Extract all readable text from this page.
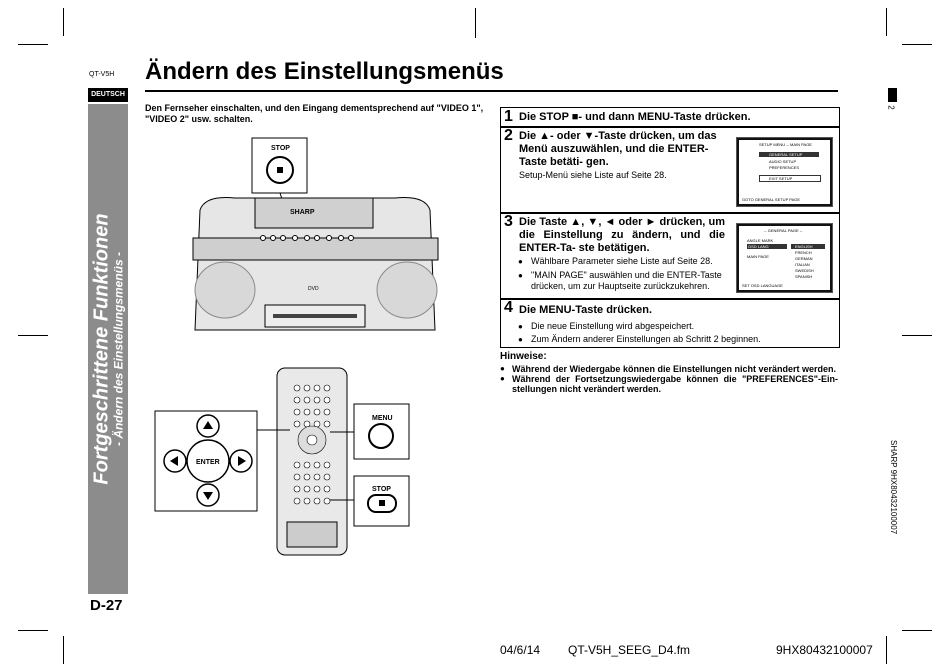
QT-V5H Ändern des Einstellungsmenüs
2
DEUTSCH
Fortgeschrittene Funktionen - Ändern des Einstellungsmenüs -
D-27
Den Fernseher einschalten, und den Eingang dementsprechend auf "VIDEO 1", "VIDEO 2" usw. schalten.
SHARP
DVD
ENTER
MENU
STOP
STOP
1 Die STOP ■- und dann MENU-Taste drücken.
2 Die ▲- oder ▼-Taste drücken, um das Menü auszuwählen, und die ENTER-Taste betäti- gen.
Setup-Menü siehe Liste auf Seite 28.
SETUP MENU -- MAIN PAGE
GENERAL SETUP
AUDIO SETUP
PREFERENCES
EXIT SETUP
GOTO GENERAL SETUP PAGE
3 Die Taste ▲, ▼, ◄ oder ► drücken, um die Einstellung zu ändern, und die ENTER-Ta- ste betätigen.
● Wählbare Parameter siehe Liste auf Seite 28.
● "MAIN PAGE" auswählen und die ENTER-Taste drücken, um zur Hauptseite zurückzukehren.
-- GENERAL PAGE --
ANGLE MARK
OSD LANG
MAIN PAGE
ENGLISH
FRENCH
GERMAN
ITALIAN
SWEDISH
SPANISH
SET OSD LANGUAGE
4 Die MENU-Taste drücken.
● Die neue Einstellung wird abgespeichert.
● Zum Ändern anderer Einstellungen ab Schritt 2 beginnen.
Hinweise:
● Während der Wiedergabe können die Einstellungen nicht verändert werden.
● Während der Fortsetzungswiedergabe können die "PREFERENCES"-Ein- stellungen nicht verändert werden.
SHARP 9HX80432100007
04/6/14 QT-V5H_SEEG_D4.fm	9HX80432100007
